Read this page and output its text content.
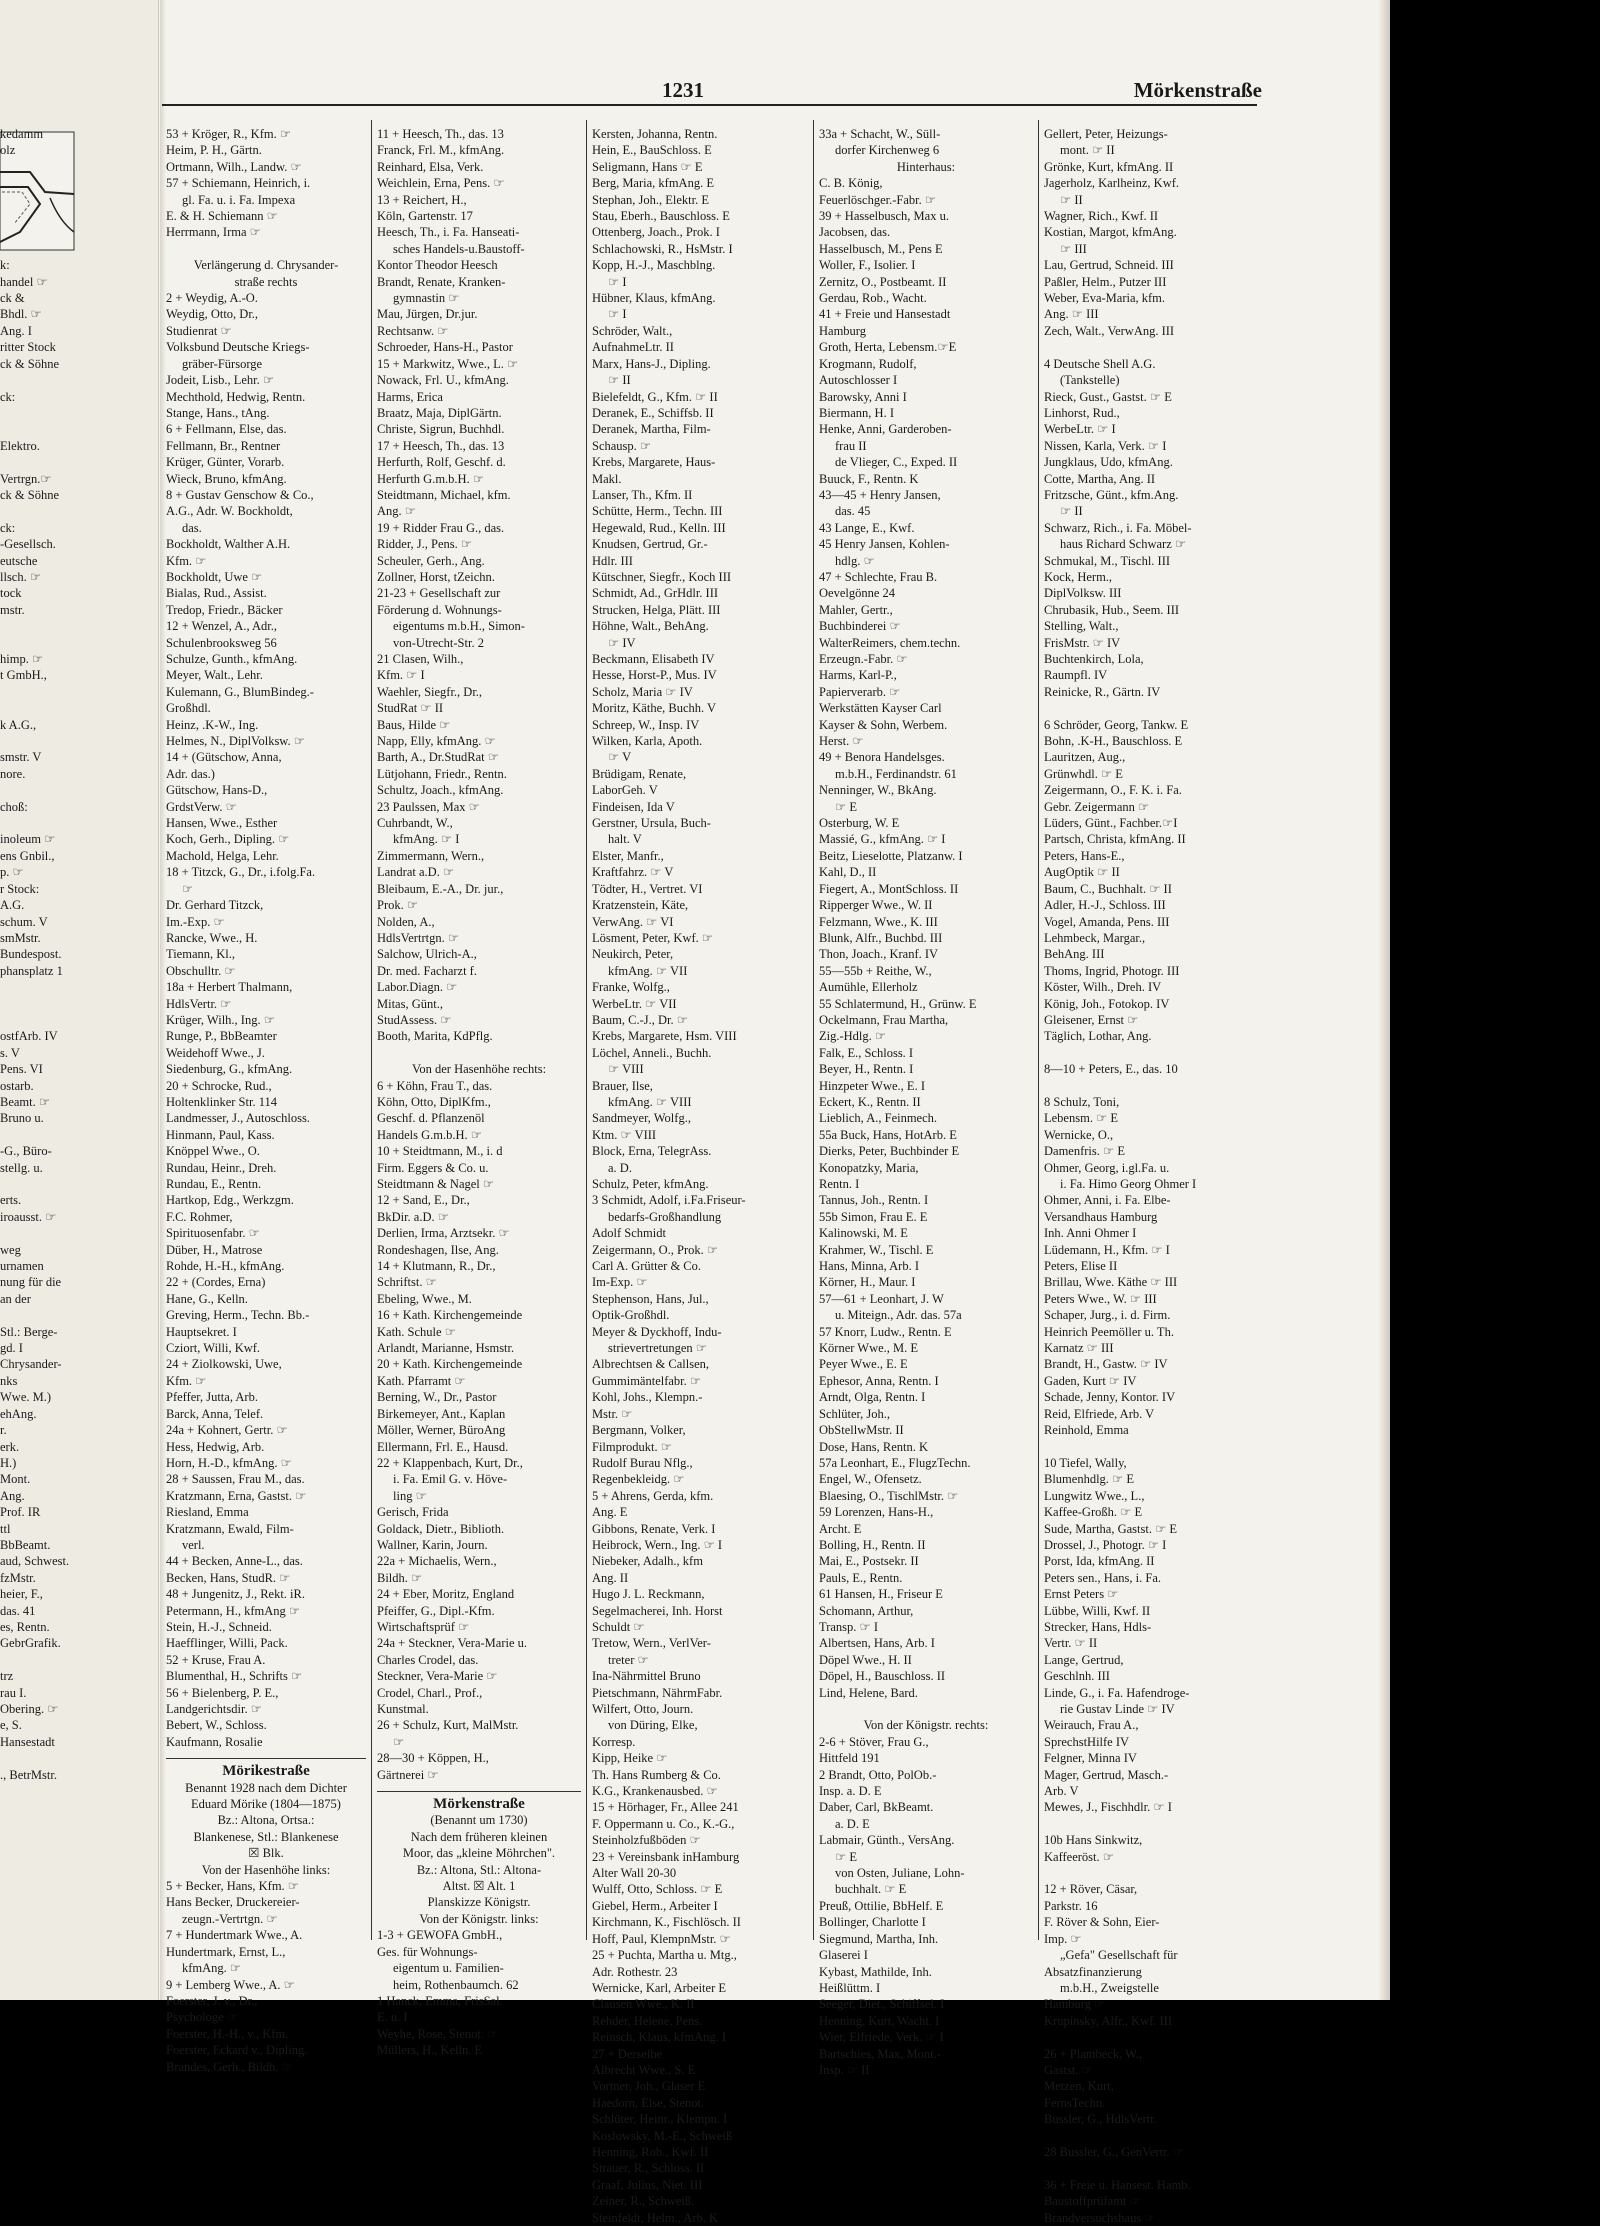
kedamm

olz

k:

handel ☞

ck &

Bhdl. ☞

Ang. I

ritter Stock

ck & Söhne

ck:

Elektro.

Vertrgn.☞

ck & Söhne

ck:

-Gesellsch.

eutsche

llsch. ☞

tock

mstr.

himp. ☞

t GmbH.,

k A.G.,

smstr. V

nore.

choß:

inoleum ☞

ens Gnbil.,

p. ☞

r Stock:

A.G.

schum. V

smMstr.

Bundespost.

phansplatz 1

ostfArb. IV

s. V

Pens. VI

ostarb.

Beamt. ☞

Bruno u.

-G., Büro-

stellg. u.

erts.

iroausst. ☞

weg

urnamen

nung für die

an der

Stl.: Berge-

gd. I

Chrysander-

nks

Wwe. M.)

ehAng.

r.

erk.

H.)

Mont.

Ang.

Prof. IR

ttl

BbBeamt.

aud, Schwest.

fzMstr.

heier, F.,

das. 41

es, Rentn.

GebrGrafik.

trz

rau I.

Obering. ☞

e, S.

Hansestadt

., BetrMstr.

1231	Mörkenstraße

53 + Kröger, R., Kfm. ☞

Heim, P. H., Gärtn.

Ortmann, Wilh., Landw. ☞

57 + Schiemann, Heinrich, i.

gl. Fa. u. i. Fa. Impexa

E. & H. Schiemann ☞

Herrmann, Irma ☞

Verlängerung d. Chrysander-

straße rechts

2 + Weydig, A.-O.

Weydig, Otto, Dr.,

Studienrat ☞

Volksbund Deutsche Kriegs-

gräber-Fürsorge

Jodeit, Lisb., Lehr. ☞

Mechthold, Hedwig, Rentn.

Stange, Hans., tAng.

6 + Fellmann, Else, das.

Fellmann, Br., Rentner

Krüger, Günter, Vorarb.

Wieck, Bruno, kfmAng.

8 + Gustav Genschow & Co.,

A.G., Adr. W. Bockholdt,

das.

Bockholdt, Walther A.H.

Kfm. ☞

Bockholdt, Uwe ☞

Bialas, Rud., Assist.

Tredop, Friedr., Bäcker

12 + Wenzel, A., Adr.,

Schulenbrooksweg 56

Schulze, Gunth., kfmAng.

Meyer, Walt., Lehr.

Kulemann, G., BlumBindeg.-

Großhdl.

Heinz, .K-W., Ing.

Helmes, N., DiplVolksw. ☞

14 + (Gütschow, Anna,

Adr. das.)

Gütschow, Hans-D.,

GrdstVerw. ☞

Hansen, Wwe., Esther

Koch, Gerh., Dipling. ☞

Machold, Helga, Lehr.

18 + Titzck, G., Dr., i.folg.Fa.

☞

Dr. Gerhard Titzck,

Im.-Exp. ☞

Rancke, Wwe., H.

Tiemann, Kl.,

Obschulltr. ☞

18a + Herbert Thalmann,

HdlsVertr. ☞

Krüger, Wilh., Ing. ☞

Runge, P., BbBeamter

Weidehoff Wwe., J.

Siedenburg, G., kfmAng.

20 + Schrocke, Rud.,

Holtenklinker Str. 114

Landmesser, J., Autoschloss.

Hinmann, Paul, Kass.

Knöppel Wwe., O.

Rundau, Heinr., Dreh.

Rundau, E., Rentn.

Hartkop, Edg., Werkzgm.

F.C. Rohmer,

Spirituosenfabr. ☞

Düber, H., Matrose

Rohde, H.-H., kfmAng.

22 + (Cordes, Erna)

Hane, G., Kelln.

Greving, Herm., Techn. Bb.-

Hauptsekret. I

Cziort, Willi, Kwf.

24 + Ziolkowski, Uwe,

Kfm. ☞

Pfeffer, Jutta, Arb.

Barck, Anna, Telef.

24a + Kohnert, Gertr. ☞

Hess, Hedwig, Arb.

Horn, H.-D., kfmAng. ☞

28 + Saussen, Frau M., das.

Kratzmann, Erna, Gastst. ☞

Riesland, Emma

Kratzmann, Ewald, Film-

verl.

44 + Becken, Anne-L., das.

Becken, Hans, StudR. ☞

48 + Jungenitz, J., Rekt. iR.

Petermann, H., kfmAng ☞

Stein, H.-J., Schneid.

Haefflinger, Willi, Pack.

52 + Kruse, Frau A.

Blumenthal, H., Schrifts ☞

56 + Bielenberg, P. E.,

Landgerichtsdir. ☞

Bebert, W., Schloss.

Kaufmann, Rosalie

Mörikestraße

Benannt 1928 nach dem Dichter

Eduard Mörike (1804—1875)

Bz.: Altona, Ortsa.:

Blankenese, Stl.: Blankenese

☒ Blk.

Von der Hasenhöhe links:

5 + Becker, Hans, Kfm. ☞

Hans Becker, Druckereier-

zeugn.-Vertrtgn. ☞

7 + Hundertmark Wwe., A.

Hundertmark, Ernst, L.,

kfmAng. ☞

9 + Lemberg Wwe., A. ☞

Foerster, J. v., Dr.,

Psychologe ☞

Foerster, H.-H., v., Kfm.

Foerster, Eckard v., Dipling.

Brandes, Gerh., Bildh. ☞

11 + Heesch, Th., das. 13

Franck, Frl. M., kfmAng.

Reinhard, Elsa, Verk.

Weichlein, Erna, Pens. ☞

13 + Reichert, H.,

Köln, Gartenstr. 17

Heesch, Th., i. Fa. Hanseati-

sches Handels-u.Baustoff-

Kontor Theodor Heesch

Brandt, Renate, Kranken-

gymnastin ☞

Mau, Jürgen, Dr.jur.

Rechtsanw. ☞

Schroeder, Hans-H., Pastor

15 + Markwitz, Wwe., L. ☞

Nowack, Frl. U., kfmAng.

Harms, Erica

Braatz, Maja, DiplGärtn.

Christe, Sigrun, Buchhdl.

17 + Heesch, Th., das. 13

Herfurth, Rolf, Geschf. d.

Herfurth G.m.b.H. ☞

Steidtmann, Michael, kfm.

Ang. ☞

19 + Ridder Frau G., das.

Ridder, J., Pens. ☞

Scheuler, Gerh., Ang.

Zollner, Horst, tZeichn.

21-23 + Gesellschaft zur

Förderung d. Wohnungs-

eigentums m.b.H., Simon-

von-Utrecht-Str. 2

21 Clasen, Wilh.,

Kfm. ☞ I

Waehler, Siegfr., Dr.,

StudRat ☞ II

Baus, Hilde ☞

Napp, Elly, kfmAng. ☞

Barth, A., Dr.StudRat ☞

Lütjohann, Friedr., Rentn.

Schultz, Joach., kfmAng.

23 Paulssen, Max ☞

Cuhrbandt, W.,

kfmAng. ☞ I

Zimmermann, Wern.,

Landrat a.D. ☞

Bleibaum, E.-A., Dr. jur.,

Prok. ☞

Nolden, A.,

HdlsVertrtgn. ☞

Salchow, Ulrich-A.,

Dr. med. Facharzt f.

Labor.Diagn. ☞

Mitas, Günt.,

StudAssess. ☞

Booth, Marita, KdPflg.

Von der Hasenhöhe rechts:

6 + Köhn, Frau T., das.

Köhn, Otto, DiplKfm.,

Geschf. d. Pflanzenöl

Handels G.m.b.H. ☞

10 + Steidtmann, M., i. d

Firm. Eggers & Co. u.

Steidtmann & Nagel ☞

12 + Sand, E., Dr.,

BkDir. a.D. ☞

Derlien, Irma, Arztsekr. ☞

Rondeshagen, Ilse, Ang.

14 + Klutmann, R., Dr.,

Schriftst. ☞

Ebeling, Wwe., M.

16 + Kath. Kirchengemeinde

Kath. Schule ☞

Arlandt, Marianne, Hsmstr.

20 + Kath. Kirchengemeinde

Kath. Pfarramt ☞

Berning, W., Dr., Pastor

Birkemeyer, Ant., Kaplan

Möller, Werner, BüroAng

Ellermann, Frl. E., Hausd.

22 + Klappenbach, Kurt, Dr.,

i. Fa. Emil G. v. Höve-

ling ☞

Gerisch, Frida

Goldack, Dietr., Biblioth.

Wallner, Karin, Journ.

22a + Michaelis, Wern.,

Bildh. ☞

24 + Eber, Moritz, England

Pfeiffer, G., Dipl.-Kfm.

Wirtschaftsprüf ☞

24a + Steckner, Vera-Marie u.

Charles Crodel, das.

Steckner, Vera-Marie ☞

Crodel, Charl., Prof.,

Kunstmal.

26 + Schulz, Kurt, MalMstr.

☞

28—30 + Köppen, H.,

Gärtnerei ☞

Mörkenstraße

(Benannt um 1730)

Nach dem früheren kleinen

Moor, das „kleine Möhrchen".

Bz.: Altona, Stl.: Altona-

Altst. ☒ Alt. 1

Planskizze Königstr.

Von der Königstr. links:

1-3 + GEWOFA GmbH.,

Ges. für Wohnungs-

eigentum u. Familien-

heim, Rothenbaumch. 62

1 Hanck, Emma, FrisSal.

E. u. I

Weyhe, Rose, Stenot. ☞

Müllers, H., Kelln. E

Kersten, Johanna, Rentn.

Hein, E., BauSchloss. E

Seligmann, Hans ☞ E

Berg, Maria, kfmAng. E

Stephan, Joh., Elektr. E

Stau, Eberh., Bauschloss. E

Ottenberg, Joach., Prok. I

Schlachowski, R., HsMstr. I

Kopp, H.-J., Maschblng.

☞ I

Hübner, Klaus, kfmAng.

☞ I

Schröder, Walt.,

AufnahmeLtr. II

Marx, Hans-J., Dipling.

☞ II

Bielefeldt, G., Kfm. ☞ II

Deranek, E., Schiffsb. II

Deranek, Martha, Film-

Schausp. ☞

Krebs, Margarete, Haus-

Makl.

Lanser, Th., Kfm. II

Schütte, Herm., Techn. III

Hegewald, Rud., Kelln. III

Knudsen, Gertrud, Gr.-

Hdlr. III

Kütschner, Siegfr., Koch III

Schmidt, Ad., GrHdlr. III

Strucken, Helga, Plätt. III

Höhne, Walt., BehAng.

☞ IV

Beckmann, Elisabeth IV

Hesse, Horst-P., Mus. IV

Scholz, Maria ☞ IV

Moritz, Käthe, Buchh. V

Schreep, W., Insp. IV

Wilken, Karla, Apoth.

☞ V

Brüdigam, Renate,

LaborGeh. V

Findeisen, Ida V

Gerstner, Ursula, Buch-

halt. V

Elster, Manfr.,

Kraftfahrz. ☞ V

Tödter, H., Vertret. VI

Kratzenstein, Käte,

VerwAng. ☞ VI

Lösment, Peter, Kwf. ☞

Neukirch, Peter,

kfmAng. ☞ VII

Franke, Wolfg.,

WerbeLtr. ☞ VII

Baum, C.-J., Dr. ☞

Krebs, Margarete, Hsm. VIII

Löchel, Anneli., Buchh.

☞ VIII

Brauer, Ilse,

kfmAng. ☞ VIII

Sandmeyer, Wolfg.,

Ktm. ☞ VIII

Block, Erna, TelegrAss.

a. D.

Schulz, Peter, kfmAng.

3 Schmidt, Adolf, i.Fa.Friseur-

bedarfs-Großhandlung

Adolf Schmidt

Zeigermann, O., Prok. ☞

Carl A. Grütter & Co.

Im-Exp. ☞

Stephenson, Hans, Jul.,

Optik-Großhdl.

Meyer & Dyckhoff, Indu-

strievertretungen ☞

Albrechtsen & Callsen,

Gummimäntelfabr. ☞

Kohl, Johs., Klempn.-

Mstr. ☞

Bergmann, Volker,

Filmprodukt. ☞

Rudolf Burau Nflg.,

Regenbekleidg. ☞

5 + Ahrens, Gerda, kfm.

Ang. E

Gibbons, Renate, Verk. I

Heibrock, Wern., Ing. ☞ I

Niebeker, Adalh., kfm

Ang. II

Hugo J. L. Reckmann,

Segelmacherei, Inh. Horst

Schuldt ☞

Tretow, Wern., VerlVer-

treter ☞

Ina-Nährmittel Bruno

Pietschmann, NährmFabr.

Wilfert, Otto, Journ.

von Düring, Elke,

Korresp.

Kipp, Heike ☞

Th. Hans Rumberg & Co.

K.G., Krankenausbed. ☞

15 + Hörhager, Fr., Allee 241

F. Oppermann u. Co., K.-G.,

Steinholzfußböden ☞

23 + Vereinsbank inHamburg

Alter Wall 20-30

Wulff, Otto, Schloss. ☞ E

Giebel, Herm., Arbeiter I

Kirchmann, K., Fischlösch. II

Hoff, Paul, KlempnMstr. ☞

25 + Puchta, Martha u. Mtg.,

Adr. Rothestr. 23

Wernicke, Karl, Arbeiter E

Clausen Wwe., K. II

Rehder, Helene, Pens.

Reinsch, Klaus, kfmAng. I

27 + Derselbe

Albrecht Wwe., S. E

Vortner, Joh., Glaser E

Haedorn, Else, Stenot.

Schlüter, Heinr., Klempn. I

Koslowsky, M.-E., Schweiß

Henning, Rob., Kwf. II

Strauer, R., Schloss. II

Graaf, Julius, Niet. III

Zeiner, R., Schweiß.

Steinfeldt, Helm., Arb. K

33a + Schacht, W., Süll-

dorfer Kirchenweg 6

Hinterhaus:

C. B. König,

Feuerlöschger.-Fabr. ☞

39 + Hasselbusch, Max u.

Jacobsen, das.

Hasselbusch, M., Pens E

Woller, F., Isolier. I

Zernitz, O., Postbeamt. II

Gerdau, Rob., Wacht.

41 + Freie und Hansestadt

Hamburg

Groth, Herta, Lebensm.☞E

Krogmann, Rudolf,

Autoschlosser I

Barowsky, Anni I

Biermann, H. I

Henke, Anni, Garderoben-

frau II

de Vlieger, C., Exped. II

Buuck, F., Rentn. K

43—45 + Henry Jansen,

das. 45

43 Lange, E., Kwf.

45 Henry Jansen, Kohlen-

hdlg. ☞

47 + Schlechte, Frau B.

Oevelgönne 24

Mahler, Gertr.,

Buchbinderei ☞

WalterReimers, chem.techn.

Erzeugn.-Fabr. ☞

Harms, Karl-P.,

Papierverarb. ☞

Werkstätten Kayser Carl

Kayser & Sohn, Werbem.

Herst. ☞

49 + Benora Handelsges.

m.b.H., Ferdinandstr. 61

Nenninger, W., BkAng.

☞ E

Osterburg, W. E

Massié, G., kfmAng. ☞ I

Beitz, Lieselotte, Platzanw. I

Kahl, D., II

Fiegert, A., MontSchloss. II

Ripperger Wwe., W. II

Felzmann, Wwe., K. III

Blunk, Alfr., Buchbd. III

Thon, Joach., Kranf. IV

55—55b + Reithe, W.,

Aumühle, Ellerholz

55 Schlatermund, H., Grünw. E

Ockelmann, Frau Martha,

Zig.-Hdlg. ☞

Falk, E., Schloss. I

Beyer, H., Rentn. I

Hinzpeter Wwe., E. I

Eckert, K., Rentn. II

Lieblich, A., Feinmech.

55a Buck, Hans, HotArb. E

Dierks, Peter, Buchbinder E

Konopatzky, Maria,

Rentn. I

Tannus, Joh., Rentn. I

55b Simon, Frau E. E

Kalinowski, M. E

Krahmer, W., Tischl. E

Hans, Minna, Arb. I

Körner, H., Maur. I

57—61 + Leonhart, J. W

u. Miteign., Adr. das. 57a

57 Knorr, Ludw., Rentn. E

Körner Wwe., M. E

Peyer Wwe., E. E

Ephesor, Anna, Rentn. I

Arndt, Olga, Rentn. I

Schlüter, Joh.,

ObStellwMstr. II

Dose, Hans, Rentn. K

57a Leonhart, E., FlugzTechn.

Engel, W., Ofensetz.

Blaesing, O., TischlMstr. ☞

59 Lorenzen, Hans-H.,

Archt. E

Bolling, H., Rentn. II

Mai, E., Postsekr. II

Pauls, E., Rentn.

61 Hansen, H., Friseur E

Schomann, Arthur,

Transp. ☞ I

Albertsen, Hans, Arb. I

Döpel Wwe., H. II

Döpel, H., Bauschloss. II

Lind, Helene, Bard.

Von der Königstr. rechts:

2-6 + Stöver, Frau G.,

Hittfeld 191

2 Brandt, Otto, PolOb.-

Insp. a. D. E

Daber, Carl, BkBeamt.

a. D. E

Labmair, Günth., VersAng.

☞ E

von Osten, Juliane, Lohn-

buchhalt. ☞ E

Preuß, Ottilie, BbHelf. E

Bollinger, Charlotte I

Siegmund, Martha, Inh.

Glaserei I

Kybast, Mathilde, Inh.

Heißlüttm. I

Seeger, Diet., Schiffsel. I

Henning, Kurt, Wacht. I

Wier, Elfriede, Verk. ☞ I

Bartschies, Max, Mont.-

Insp. ☞ II

Gellert, Peter, Heizungs-

mont. ☞ II

Grönke, Kurt, kfmAng. II

Jagerholz, Karlheinz, Kwf.

☞ II

Wagner, Rich., Kwf. II

Kostian, Margot, kfmAng.

☞ III

Lau, Gertrud, Schneid. III

Paßler, Helm., Putzer III

Weber, Eva-Maria, kfm.

Ang. ☞ III

Zech, Walt., VerwAng. III

4 Deutsche Shell A.G.

(Tankstelle)

Rieck, Gust., Gastst. ☞ E

Linhorst, Rud.,

WerbeLtr. ☞ I

Nissen, Karla, Verk. ☞ I

Jungklaus, Udo, kfmAng.

Cotte, Martha, Ang. II

Fritzsche, Günt., kfm.Ang.

☞ II

Schwarz, Rich., i. Fa. Möbel-

haus Richard Schwarz ☞

Schmukal, M., Tischl. III

Kock, Herm.,

DiplVolksw. III

Chrubasik, Hub., Seem. III

Stelling, Walt.,

FrisMstr. ☞ IV

Buchtenkirch, Lola,

Raumpfl. IV

Reinicke, R., Gärtn. IV

6 Schröder, Georg, Tankw. E

Bohn, .K-H., Bauschloss. E

Lauritzen, Aug.,

Grünwhdl. ☞ E

Zeigermann, O., F. K. i. Fa.

Gebr. Zeigermann ☞

Lüders, Günt., Fachber.☞I

Partsch, Christa, kfmAng. II

Peters, Hans-E.,

AugOptik ☞ II

Baum, C., Buchhalt. ☞ II

Adler, H.-J., Schloss. III

Vogel, Amanda, Pens. III

Lehmbeck, Margar.,

BehAng. III

Thoms, Ingrid, Photogr. III

Köster, Wilh., Dreh. IV

König, Joh., Fotokop. IV

Gleisener, Ernst ☞

Täglich, Lothar, Ang.

8—10 + Peters, E., das. 10

8 Schulz, Toni,

Lebensm. ☞ E

Wernicke, O.,

Damenfris. ☞ E

Ohmer, Georg, i.gl.Fa. u.

i. Fa. Himo Georg Ohmer I

Ohmer, Anni, i. Fa. Elbe-

Versandhaus Hamburg

Inh. Anni Ohmer I

Lüdemann, H., Kfm. ☞ I

Peters, Elise II

Brillau, Wwe. Käthe ☞ III

Peters Wwe., W. ☞ III

Schaper, Jurg., i. d. Firm.

Heinrich Peemöller u. Th.

Karnatz ☞ III

Brandt, H., Gastw. ☞ IV

Gaden, Kurt ☞ IV

Schade, Jenny, Kontor. IV

Reid, Elfriede, Arb. V

Reinhold, Emma

10 Tiefel, Wally,

Blumenhdlg. ☞ E

Lungwitz Wwe., L.,

Kaffee-Großh. ☞ E

Sude, Martha, Gastst. ☞ E

Drossel, J., Photogr. ☞ I

Porst, Ida, kfmAng. II

Peters sen., Hans, i. Fa.

Ernst Peters ☞

Lübbe, Willi, Kwf. II

Strecker, Hans, Hdls-

Vertr. ☞ II

Lange, Gertrud,

Geschlnh. III

Linde, G., i. Fa. Hafendroge-

rie Gustav Linde ☞ IV

Weirauch, Frau A.,

SprechstHilfe IV

Felgner, Minna IV

Mager, Gertrud, Masch.-

Arb. V

Mewes, J., Fischhdlr. ☞ I

10b Hans Sinkwitz,

Kaffeeröst. ☞

12 + Röver, Cäsar,

Parkstr. 16

F. Röver & Sohn, Eier-

Imp. ☞

„Gefa" Gesellschaft für

Absatzfinanzierung

m.b.H., Zweigstelle

Hamburg ☞

Krupinsky, Alfr., Kwf. III

26 + Plambeck, W.,

Gastst. ☞

Metzen, Kurt,

FernsTechn.

Bussler, G., HdlsVertr.

28 Bussler, G., GenVertr. ☞

36 + Freie u. Hansest. Hamb.

Baustoffprüfamt ☞

Brandversuchshaus ☞
